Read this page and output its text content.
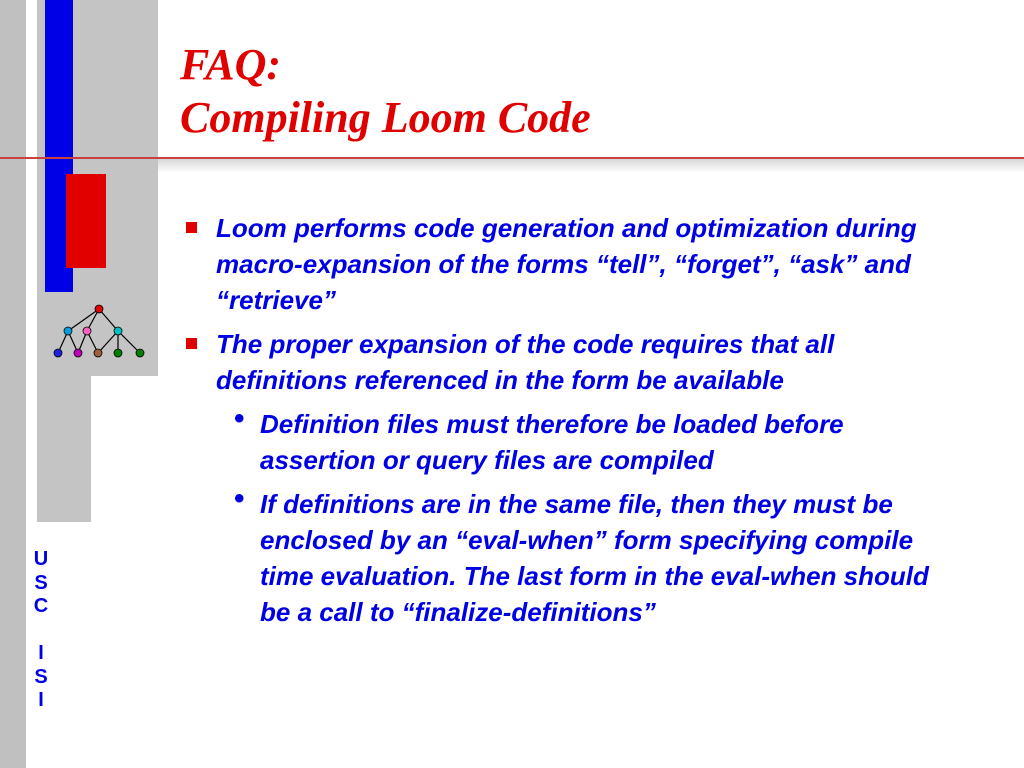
U
S
C
I
S
I
FAQ:
Compiling Loom Code
Loom performs code generation and optimization during macro-expansion of the forms “tell”, “forget”, “ask” and “retrieve”
The proper expansion of the code requires that all definitions referenced in the form be available
• Definition files must therefore be loaded before assertion or query files are compiled
• If definitions are in the same file, then they must be enclosed by an “eval-when” form specifying compile time evaluation. The last form in the eval-when should be a call to “finalize-definitions”
